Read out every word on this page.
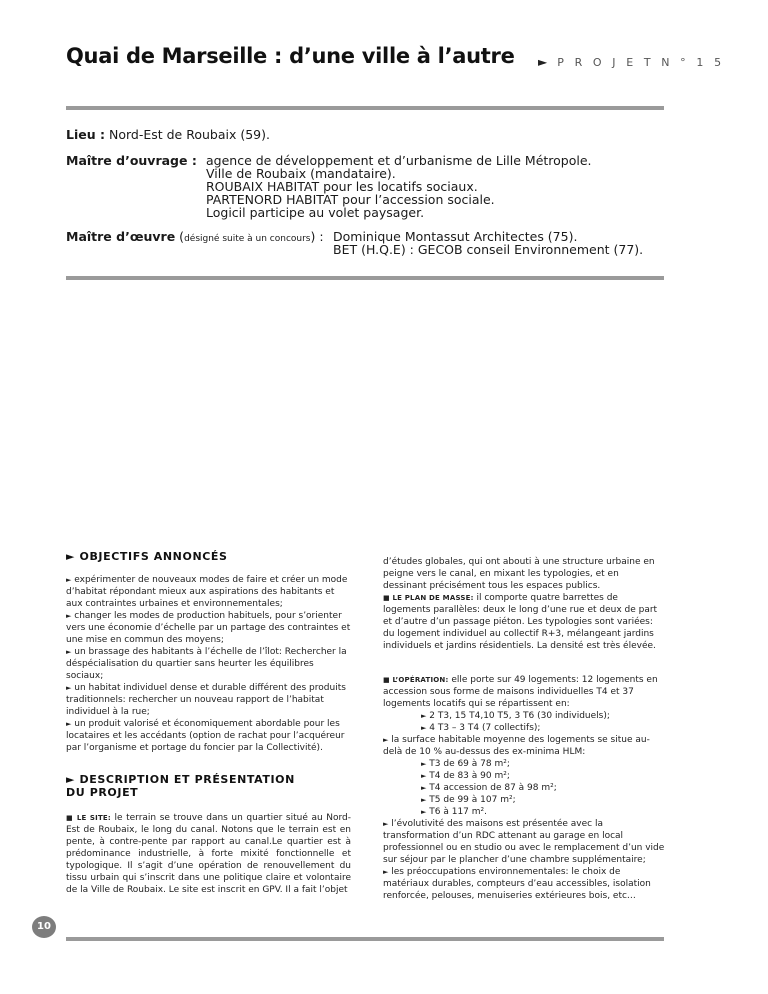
Quai de Marseille : d’une ville à l’autre ► P R O J E T N ° 1 5
Lieu : Nord-Est de Roubaix (59).
Maître d’ouvrage : agence de développement et d’urbanisme de Lille Métropole.
Ville de Roubaix (mandataire).
ROUBAIX HABITAT pour les locatifs sociaux.
PARTENORD HABITAT pour l’accession sociale.
Logicil participe au volet paysager.
Maître d’œuvre (désigné suite à un concours) : Dominique Montassut Architectes (75).
BET (H.Q.E) : GECOB conseil Environnement (77).
► OBJECTIFS ANNONCÉS

► expérimenter de nouveaux modes de faire et créer un mode d’habitat répondant mieux aux aspirations des habitants et aux contraintes urbaines et environnementales;

► changer les modes de production habituels, pour s’orienter vers une économie d’échelle par un partage des contraintes et une mise en commun des moyens;

► un brassage des habitants à l’échelle de l’îlot: Rechercher la déspécialisation du quartier sans heurter les équilibres sociaux;

► un habitat individuel dense et durable différent des produits traditionnels: rechercher un nouveau rapport de l’habitat individuel à la rue;

► un produit valorisé et économiquement abordable pour les locataires et les accédants (option de rachat pour l’acquéreur par l’organisme et portage du foncier par la Collectivité).

► DESCRIPTION ET PRÉSENTATION
DU PROJET

■ LE SITE: le terrain se trouve dans un quartier situé au Nord-Est de Roubaix, le long du canal. Notons que le terrain est en pente, à contre-pente par rapport au canal.Le quartier est à prédominance industrielle, à forte mixité fonctionnelle et typologique. Il s’agit d’une opération de renouvellement du tissu urbain qui s’inscrit dans une politique claire et volontaire de la Ville de Roubaix. Le site est inscrit en GPV. Il a fait l’objet

d’études globales, qui ont abouti à une structure urbaine en peigne vers le canal, en mixant les typologies, et en dessinant précisément tous les espaces publics.

■ LE PLAN DE MASSE: il comporte quatre barrettes de logements parallèles: deux le long d’une rue et deux de part et d’autre d’un passage piéton. Les typologies sont variées: du logement individuel au collectif R+3, mélangeant jardins individuels et jardins résidentiels. La densité est très élevée.

■ L’OPÉRATION: elle porte sur 49 logements: 12 logements en accession sous forme de maisons individuelles T4 et 37 logements locatifs qui se répartissent en:

► 2 T3, 15 T4,10 T5, 3 T6 (30 individuels);

► 4 T3 – 3 T4 (7 collectifs);

► la surface habitable moyenne des logements se situe au-delà de 10 % au-dessus des ex-minima HLM:

► T3 de 69 à 78 m²;

► T4 de 83 à 90 m²;

► T4 accession de 87 à 98 m²;

► T5 de 99 à 107 m²;

► T6 à 117 m².

► l’évolutivité des maisons est présentée avec la transformation d’un RDC attenant au garage en local professionnel ou en studio ou avec le remplacement d’un vide sur séjour par le plancher d’une chambre supplémentaire;

► les préoccupations environnementales: le choix de matériaux durables, compteurs d’eau accessibles, isolation renforcée, pelouses, menuiseries extérieures bois, etc…

10
